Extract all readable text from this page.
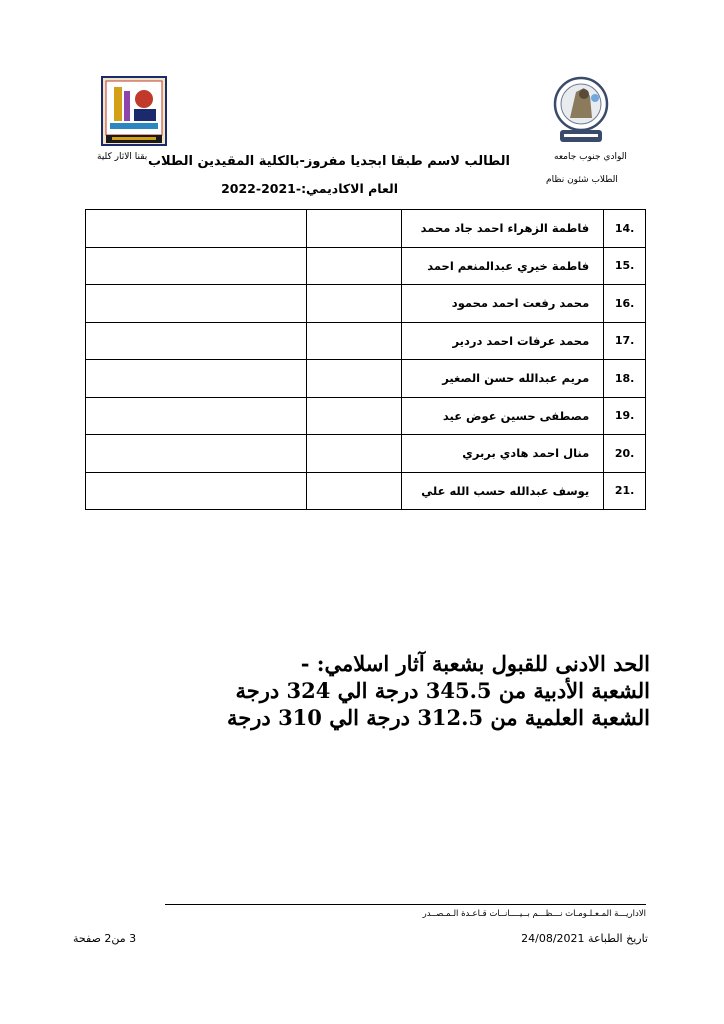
الوادي جنوب جامعه
الطلاب شئون نظام
بقنا الاثار كلية الطالب لاسم طبقا ابجديا مفروز-بالكلية المقيدين الطلاب
العام الاكاديمي:-2021-2022
		فاطمة الزهراء احمد جاد محمد	14.
		فاطمة خيري عبدالمنعم احمد	15.
		محمد رفعت احمد محمود	16.
		محمد عرفات احمد دردير	17.
		مريم عبدالله حسن الصغير	18.
		مصطفى حسين عوض عيد	19.
		منال احمد هادي بربري	20.
		يوسف عبدالله حسب الله علي	21.
الحد الادنى للقبول بشعبة آثار اسلامي: -
الشعبة الأدبية من 345.5 درجة الي 324 درجة
الشعبة العلمية من 312.5 درجة الي 310 درجة
الاداريـــة المـعـلـومـات نـــظـــم بــيــــانــات قـاعـدة الـمـصــدر
تاريخ الطباعة 24/08/2021
3 من2 صفحة
